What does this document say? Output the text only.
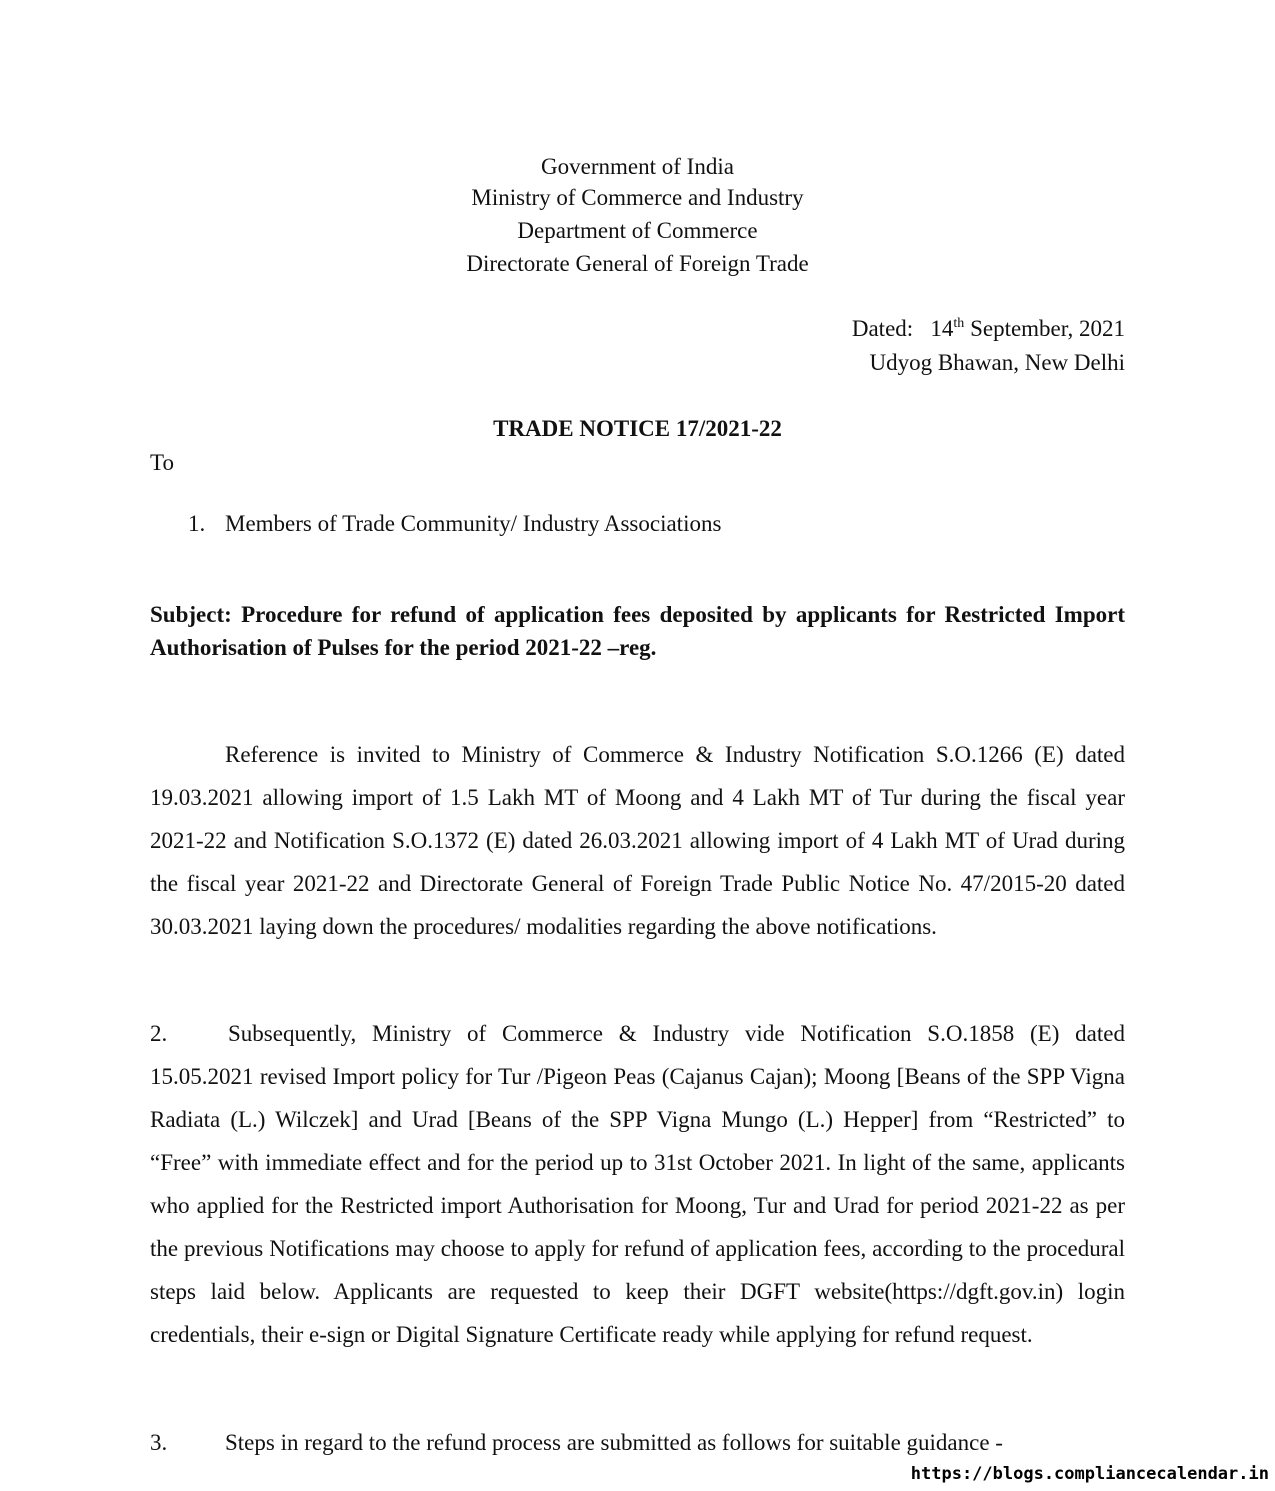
Government of India
Ministry of Commerce and Industry
Department of Commerce
Directorate General of Foreign Trade
Dated: 14th September, 2021
Udyog Bhawan, New Delhi
TRADE NOTICE 17/2021-22
To
1. Members of Trade Community/ Industry Associations
Subject: Procedure for refund of application fees deposited by applicants for Restricted Import Authorisation of Pulses for the period 2021-22 –reg.
Reference is invited to Ministry of Commerce & Industry Notification S.O.1266 (E) dated 19.03.2021 allowing import of 1.5 Lakh MT of Moong and 4 Lakh MT of Tur during the fiscal year 2021-22 and Notification S.O.1372 (E) dated 26.03.2021 allowing import of 4 Lakh MT of Urad during the fiscal year 2021-22 and Directorate General of Foreign Trade Public Notice No. 47/2015-20 dated 30.03.2021 laying down the procedures/ modalities regarding the above notifications.
2.	Subsequently, Ministry of Commerce & Industry vide Notification S.O.1858 (E) dated 15.05.2021 revised Import policy for Tur /Pigeon Peas (Cajanus Cajan); Moong [Beans of the SPP Vigna Radiata (L.) Wilczek] and Urad [Beans of the SPP Vigna Mungo (L.) Hepper] from “Restricted” to “Free” with immediate effect and for the period up to 31st October 2021. In light of the same, applicants who applied for the Restricted import Authorisation for Moong, Tur and Urad for period 2021-22 as per the previous Notifications may choose to apply for refund of application fees, according to the procedural steps laid below. Applicants are requested to keep their DGFT website(https://dgft.gov.in) login credentials, their e-sign or Digital Signature Certificate ready while applying for refund request.
3.	Steps in regard to the refund process are submitted as follows for suitable guidance -
https://blogs.compliancecalendar.in
